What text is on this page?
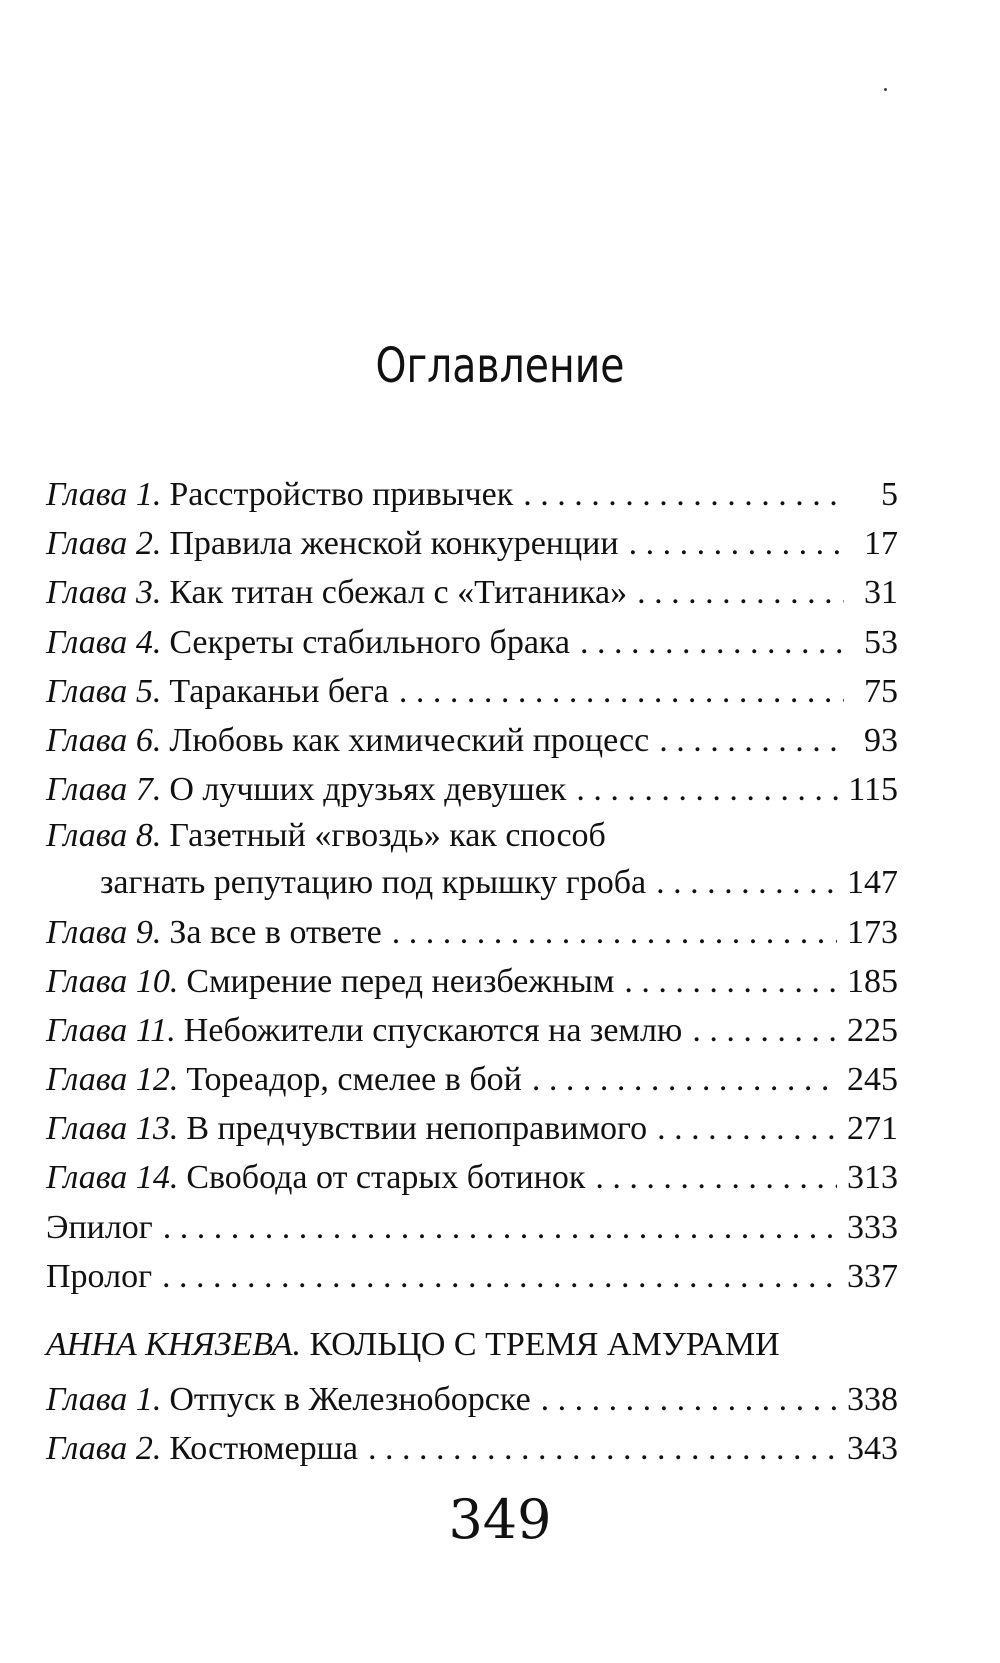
Оглавление
Глава 1. Расстройство привычек . . .	5
Глава 2. Правила женской конкуренции . . .	17
Глава 3. Как титан сбежал с «Титаника» . . .	31
Глава 4. Секреты стабильного брака . . .	53
Глава 5. Тараканьи бега . . .	75
Глава 6. Любовь как химический процесс . . .	93
Глава 7. О лучших друзьях девушек . . .	115
Глава 8. Газетный «гвоздь» как способ
загнать репутацию под крышку гроба . . .	147
Глава 9. За все в ответе . . .	173
Глава 10. Смирение перед неизбежным . . .	185
Глава 11. Небожители спускаются на землю . . .	225
Глава 12. Тореадор, смелее в бой . . .	245
Глава 13. В предчувствии непоправимого . . .	271
Глава 14. Свобода от старых ботинок . . .	313
Эпилог . . .	333
Пролог . . .	337
АННА КНЯЗЕВА. КОЛЬЦО С ТРЕМЯ АМУРАМИ
Глава 1. Отпуск в Железноборске . . .	338
Глава 2. Костюмерша . . .	343
349
